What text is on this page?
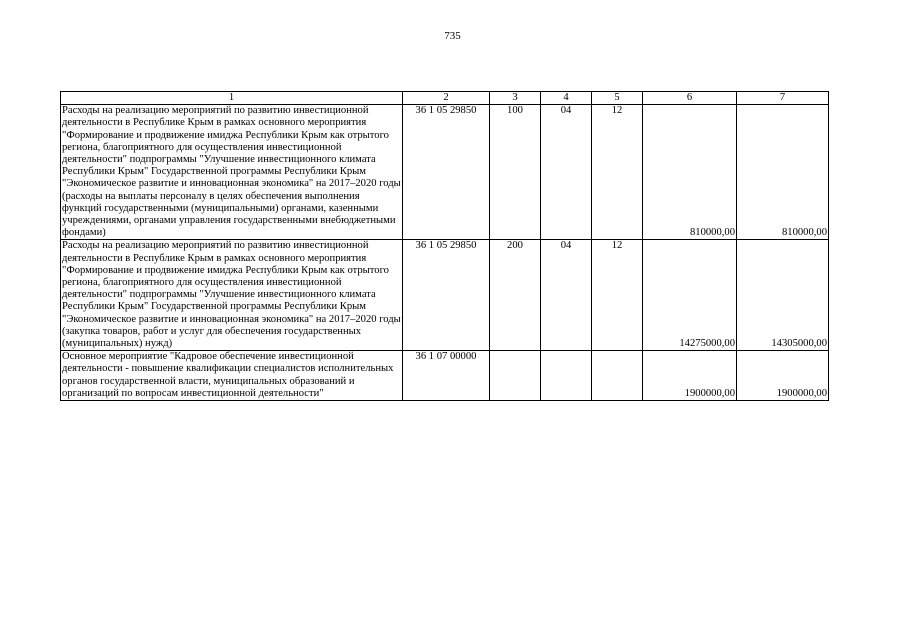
735
1	2	3	4	5	6	7
Расходы на реализацию мероприятий по развитию инвестиционной деятельности в Республике Крым в рамках основного мероприятия "Формирование и продвижение имиджа Республики Крым как отрытого региона, благоприятного для осуществления инвестиционной деятельности" подпрограммы "Улучшение инвестиционного климата Республики Крым" Государственной программы Республики Крым "Экономическое развитие и инновационная экономика" на 2017–2020 годы (расходы на выплаты персоналу в целях обеспечения выполнения функций государственными (муниципальными) органами, казенными учреждениями, органами управления государственными внебюджетными фондами)	36 1 05 29850	100	04	12	810000,00	810000,00
Расходы на реализацию мероприятий по развитию инвестиционной деятельности в Республике Крым в рамках основного мероприятия "Формирование и продвижение имиджа Республики Крым как отрытого региона, благоприятного для осуществления инвестиционной деятельности" подпрограммы "Улучшение инвестиционного климата Республики Крым" Государственной программы Республики Крым "Экономическое развитие и инновационная экономика" на 2017–2020 годы (закупка товаров, работ и услуг для обеспечения государственных (муниципальных) нужд)	36 1 05 29850	200	04	12	14275000,00	14305000,00
Основное мероприятие "Кадровое обеспечение инвестиционной деятельности - повышение квалификации специалистов исполнительных органов государственной власти, муниципальных образований и организаций по вопросам инвестиционной деятельности"	36 1 07 00000				1900000,00	1900000,00
